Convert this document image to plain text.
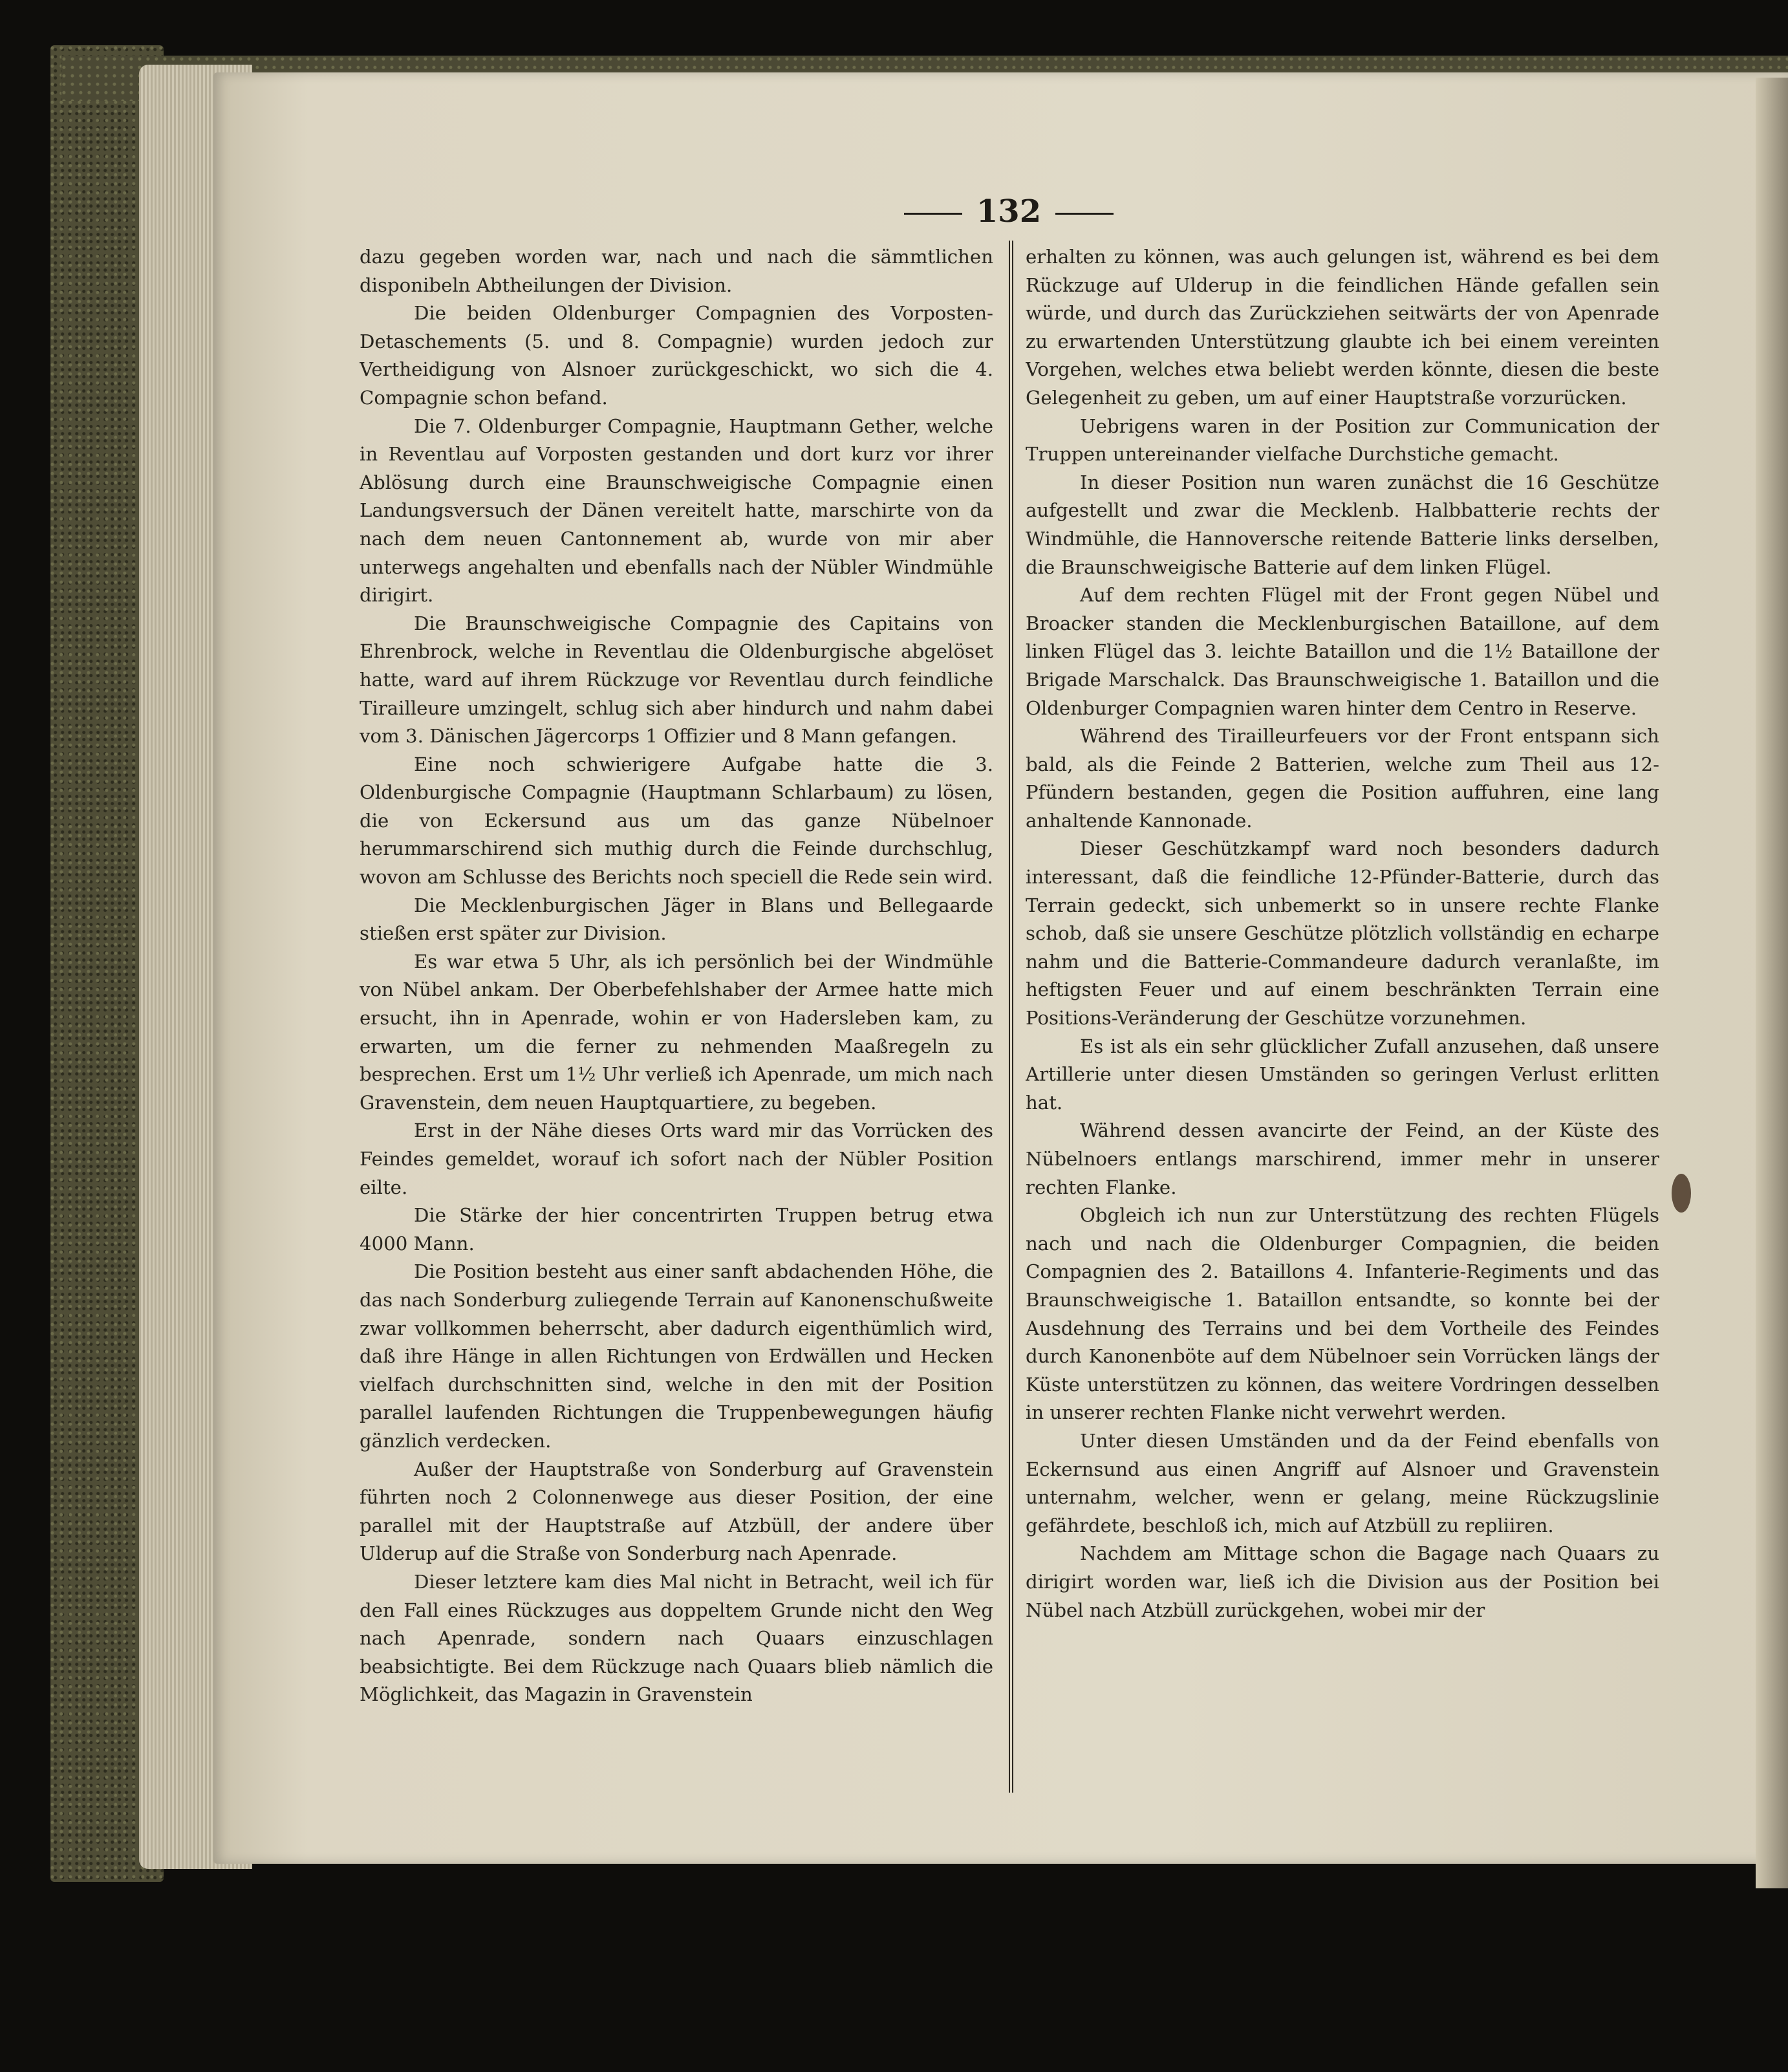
132

dazu gegeben worden war, nach und nach die sämmtlichen disponibeln Abtheilungen der Division.

Die beiden Oldenburger Compagnien des Vorposten-Detaschements (5. und 8. Compagnie) wurden jedoch zur Vertheidigung von Alsnoer zurückgeschickt, wo sich die 4. Compagnie schon befand.

Die 7. Oldenburger Compagnie, Hauptmann Gether, welche in Reventlau auf Vorposten gestanden und dort kurz vor ihrer Ablösung durch eine Braunschweigische Compagnie einen Landungsversuch der Dänen vereitelt hatte, marschirte von da nach dem neuen Cantonnement ab, wurde von mir aber unterwegs angehalten und ebenfalls nach der Nübler Windmühle dirigirt.

Die Braunschweigische Compagnie des Capitains von Ehrenbrock, welche in Reventlau die Oldenburgische abgelöset hatte, ward auf ihrem Rückzuge vor Reventlau durch feindliche Tirailleure umzingelt, schlug sich aber hindurch und nahm dabei vom 3. Dänischen Jägercorps 1 Offizier und 8 Mann gefangen.

Eine noch schwierigere Aufgabe hatte die 3. Oldenburgische Compagnie (Hauptmann Schlarbaum) zu lösen, die von Eckersund aus um das ganze Nübelnoer herummarschirend sich muthig durch die Feinde durchschlug, wovon am Schlusse des Berichts noch speciell die Rede sein wird.

Die Mecklenburgischen Jäger in Blans und Bellegaarde stießen erst später zur Division.

Es war etwa 5 Uhr, als ich persönlich bei der Windmühle von Nübel ankam. Der Oberbefehlshaber der Armee hatte mich ersucht, ihn in Apenrade, wohin er von Hadersleben kam, zu erwarten, um die ferner zu nehmenden Maaßregeln zu besprechen. Erst um 1½ Uhr verließ ich Apenrade, um mich nach Gravenstein, dem neuen Hauptquartiere, zu begeben.

Erst in der Nähe dieses Orts ward mir das Vorrücken des Feindes gemeldet, worauf ich sofort nach der Nübler Position eilte.

Die Stärke der hier concentrirten Truppen betrug etwa 4000 Mann.

Die Position besteht aus einer sanft abdachenden Höhe, die das nach Sonderburg zuliegende Terrain auf Kanonenschußweite zwar vollkommen beherrscht, aber dadurch eigenthümlich wird, daß ihre Hänge in allen Richtungen von Erdwällen und Hecken vielfach durchschnitten sind, welche in den mit der Position parallel laufenden Richtungen die Truppenbewegungen häufig gänzlich verdecken.

Außer der Hauptstraße von Sonderburg auf Gravenstein führten noch 2 Colonnenwege aus dieser Position, der eine parallel mit der Hauptstraße auf Atzbüll, der andere über Ulderup auf die Straße von Sonderburg nach Apenrade.

Dieser letztere kam dies Mal nicht in Betracht, weil ich für den Fall eines Rückzuges aus doppeltem Grunde nicht den Weg nach Apenrade, sondern nach Quaars einzuschlagen beabsichtigte. Bei dem Rückzuge nach Quaars blieb nämlich die Möglichkeit, das Magazin in Gravenstein

erhalten zu können, was auch gelungen ist, während es bei dem Rückzuge auf Ulderup in die feindlichen Hände gefallen sein würde, und durch das Zurückziehen seitwärts der von Apenrade zu erwartenden Unterstützung glaubte ich bei einem vereinten Vorgehen, welches etwa beliebt werden könnte, diesen die beste Gelegenheit zu geben, um auf einer Hauptstraße vorzurücken.

Uebrigens waren in der Position zur Communication der Truppen untereinander vielfache Durchstiche gemacht.

In dieser Position nun waren zunächst die 16 Geschütze aufgestellt und zwar die Mecklenb. Halbbatterie rechts der Windmühle, die Hannoversche reitende Batterie links derselben, die Braunschweigische Batterie auf dem linken Flügel.

Auf dem rechten Flügel mit der Front gegen Nübel und Broacker standen die Mecklenburgischen Bataillone, auf dem linken Flügel das 3. leichte Bataillon und die 1½ Bataillone der Brigade Marschalck. Das Braunschweigische 1. Bataillon und die Oldenburger Compagnien waren hinter dem Centro in Reserve.

Während des Tirailleurfeuers vor der Front entspann sich bald, als die Feinde 2 Batterien, welche zum Theil aus 12-Pfündern bestanden, gegen die Position auffuhren, eine lang anhaltende Kannonade.

Dieser Geschützkampf ward noch besonders dadurch interessant, daß die feindliche 12-Pfünder-Batterie, durch das Terrain gedeckt, sich unbemerkt so in unsere rechte Flanke schob, daß sie unsere Geschütze plötzlich vollständig en echarpe nahm und die Batterie-Commandeure dadurch veranlaßte, im heftigsten Feuer und auf einem beschränkten Terrain eine Positions-Veränderung der Geschütze vorzunehmen.

Es ist als ein sehr glücklicher Zufall anzusehen, daß unsere Artillerie unter diesen Umständen so geringen Verlust erlitten hat.

Während dessen avancirte der Feind, an der Küste des Nübelnoers entlangs marschirend, immer mehr in unserer rechten Flanke.

Obgleich ich nun zur Unterstützung des rechten Flügels nach und nach die Oldenburger Compagnien, die beiden Compagnien des 2. Bataillons 4. Infanterie-Regiments und das Braunschweigische 1. Bataillon entsandte, so konnte bei der Ausdehnung des Terrains und bei dem Vortheile des Feindes durch Kanonenböte auf dem Nübelnoer sein Vorrücken längs der Küste unterstützen zu können, das weitere Vordringen desselben in unserer rechten Flanke nicht verwehrt werden.

Unter diesen Umständen und da der Feind ebenfalls von Eckernsund aus einen Angriff auf Alsnoer und Gravenstein unternahm, welcher, wenn er gelang, meine Rückzugslinie gefährdete, beschloß ich, mich auf Atzbüll zu repliiren.

Nachdem am Mittage schon die Bagage nach Quaars zu dirigirt worden war, ließ ich die Division aus der Position bei Nübel nach Atzbüll zurückgehen, wobei mir der
